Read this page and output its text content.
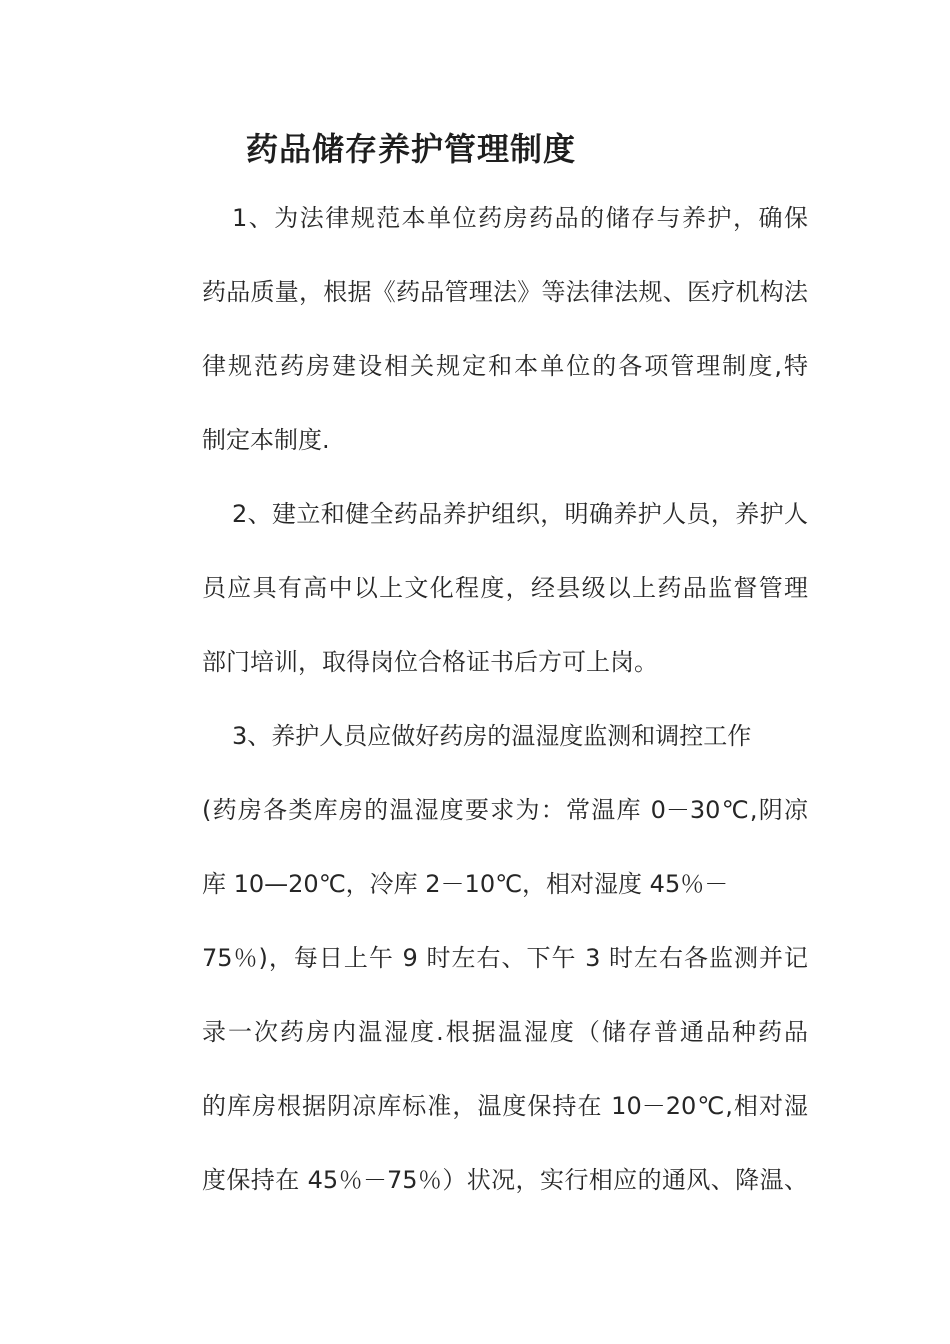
药品储存养护管理制度
1、为法律规范本单位药房药品的储存与养护，确保
药品质量，根据《药品管理法》等法律法规、医疗机构法
律规范药房建设相关规定和本单位的各项管理制度,特
制定本制度.
2、建立和健全药品养护组织，明确养护人员，养护人
员应具有高中以上文化程度，经县级以上药品监督管理
部门培训，取得岗位合格证书后方可上岗。
3、养护人员应做好药房的温湿度监测和调控工作
(药房各类库房的温湿度要求为：常温库 0－30℃,阴凉
库 10—20℃，冷库 2－10℃，相对湿度 45％－
75％)，每日上午 9 时左右、下午 3 时左右各监测并记
录一次药房内温湿度.根据温湿度（储存普通品种药品
的库房根据阴凉库标准，温度保持在 10－20℃,相对湿
度保持在 45％－75％）状况，实行相应的通风、降温、
